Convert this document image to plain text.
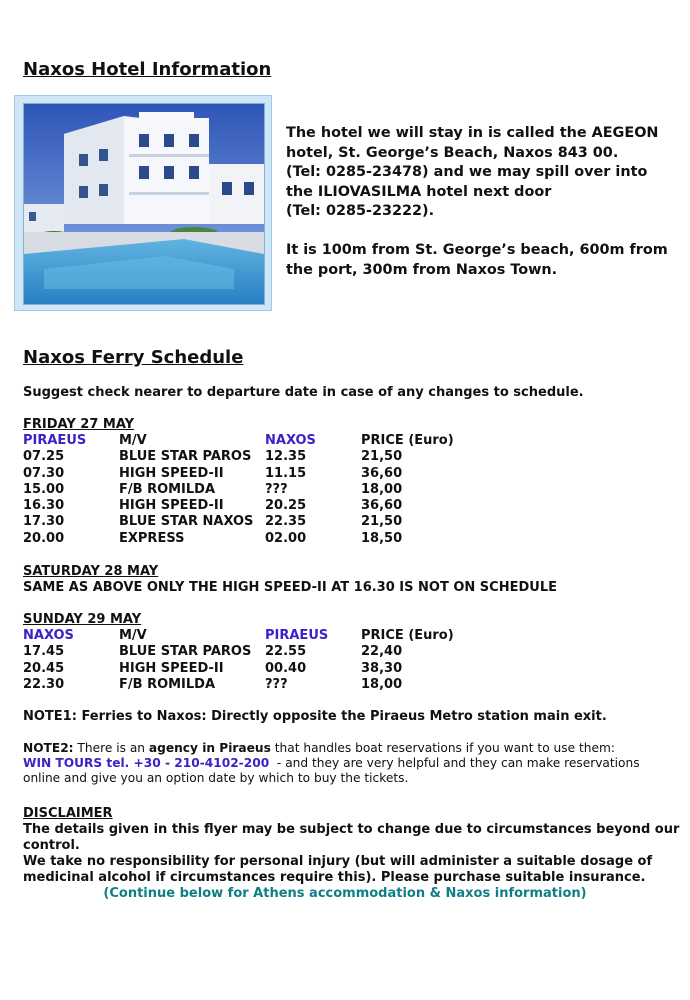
Naxos Hotel Information

The hotel we will stay in is called the AEGEON

hotel, St. George’s Beach, Naxos 843 00.

(Tel: 0285-23478) and we may spill over into

the ILIOVASILMA hotel next door

(Tel: 0285-23222).

It is 100m from St. George’s beach, 600m from

the port, 300m from Naxos Town.

Naxos Ferry Schedule
Suggest check nearer to departure date in case of any changes to schedule.
FRIDAY 27 MAY
PIRAEUS	M/V	NAXOS	PRICE (Euro)
07.25	BLUE STAR PAROS	12.35	21,50
07.30	HIGH SPEED-II	11.15	36,60
15.00	F/B ROMILDA	???	18,00
16.30	HIGH SPEED-II	20.25	36,60
17.30	BLUE STAR NAXOS	22.35	21,50
20.00	EXPRESS	02.00	18,50
SATURDAY 28 MAY
SAME AS ABOVE ONLY THE HIGH SPEED-II AT 16.30 IS NOT ON SCHEDULE
SUNDAY 29 MAY
NAXOS	M/V	PIRAEUS	PRICE (Euro)
17.45	BLUE STAR PAROS	22.55	22,40
20.45	HIGH SPEED-II	00.40	38,30
22.30	F/B ROMILDA	???	18,00
NOTE1: Ferries to Naxos: Directly opposite the Piraeus Metro station main exit.
NOTE2: There is an agency in Piraeus that handles boat reservations if you want to use them:
WIN TOURS tel. +30 - 210-4102-200  - and they are very helpful and they can make reservations
online and give you an option date by which to buy the tickets.
DISCLAIMER
The details given in this flyer may be subject to change due to circumstances beyond our
control.
We take no responsibility for personal injury (but will administer a suitable dosage of
medicinal alcohol if circumstances require this). Please purchase suitable insurance.
(Continue below for Athens accommodation & Naxos information)
